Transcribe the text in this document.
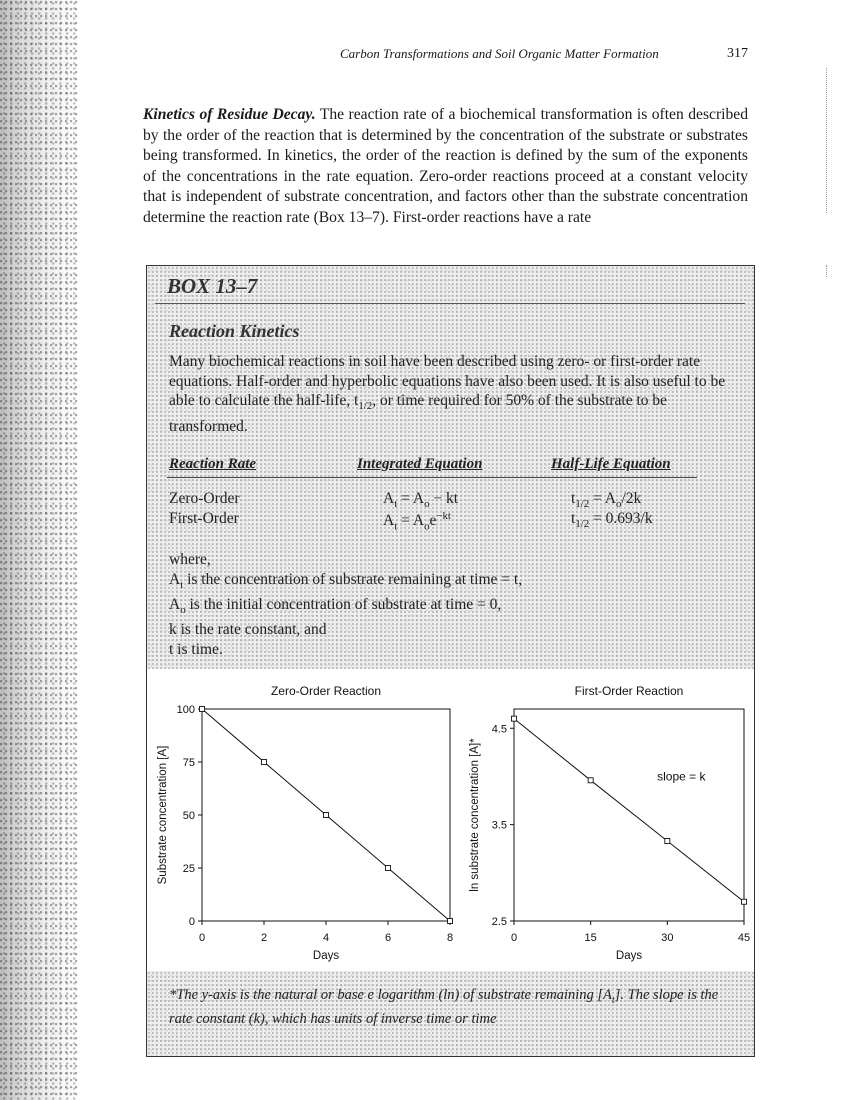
Carbon Transformations and Soil Organic Matter Formation	317
Kinetics of Residue Decay. The reaction rate of a biochemical transformation is often described by the order of the reaction that is determined by the concentration of the substrate or substrates being transformed. In kinetics, the order of the reaction is defined by the sum of the exponents of the concentrations in the rate equation. Zero-order reactions proceed at a constant velocity that is independent of substrate concentration, and factors other than the substrate concentration determine the reaction rate (Box 13–7). First-order reactions have a rate
BOX 13–7
Reaction Kinetics
Many biochemical reactions in soil have been described using zero- or first-order rate equations. Half-order and hyperbolic equations have also been used. It is also useful to be able to calculate the half-life, $t_{1/2}$, or time required for 50% of the substrate to be transformed.
Reaction Rate	Integrated Equation	Half-Life Equation
Zero-Order	$A_t = A_o$ − kt	$t_{1/2} = A_o/2k$
First-Order	$A_t = A_oe^{-kt}$	$t_{1/2} = 0.693/k$
where,
$A_t$ is the concentration of substrate remaining at time = t,
$A_o$ is the initial concentration of substrate at time = 0,
k is the rate constant, and
t is time.
Zero-Order Reaction
0
25
50
75
100
0	2	4	6	8
Days
Substrate concentration [A]
First-Order Reaction
2.5
3.5
4.5
0	15	30	45
Days
ln substrate concentration [A]*	slope = k
*The y-axis is the natural or base e logarithm (ln) of substrate remaining $[A_t]$. The slope is the rate constant (k), which has units of inverse time or time
